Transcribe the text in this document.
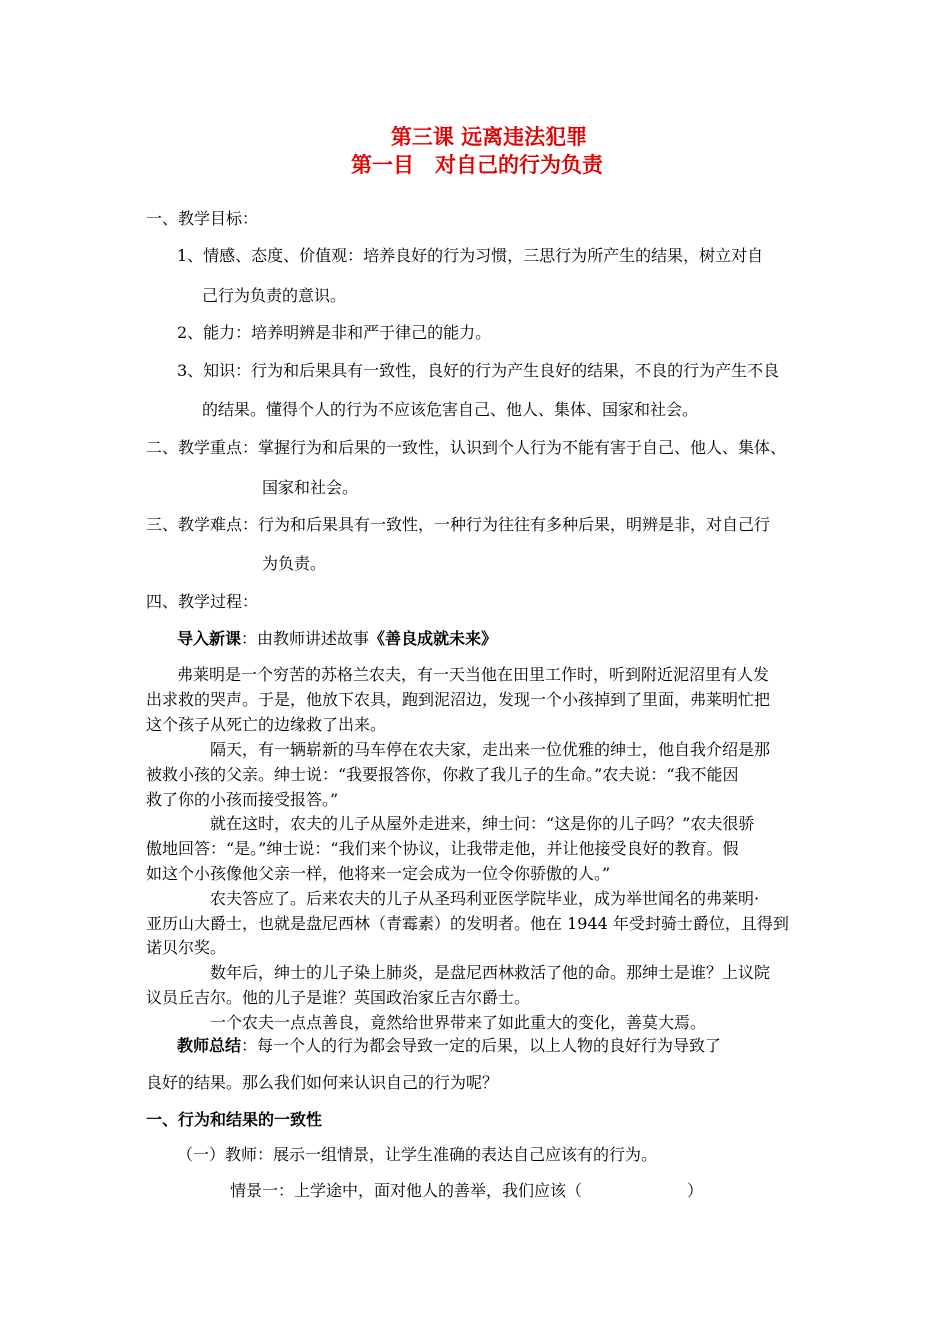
第三课 远离违法犯罪
第一目　对自己的行为负责
一、教学目标：
1、情感、态度、价值观：培养良好的行为习惯，三思行为所产生的结果，树立对自
己行为负责的意识。
2、能力：培养明辨是非和严于律己的能力。
3、知识：行为和后果具有一致性，良好的行为产生良好的结果，不良的行为产生不良
的结果。懂得个人的行为不应该危害自己、他人、集体、国家和社会。
二、教学重点：掌握行为和后果的一致性，认识到个人行为不能有害于自己、他人、集体、
国家和社会。
三、教学难点：行为和后果具有一致性，一种行为往往有多种后果，明辨是非，对自己行
为负责。
四、教学过程：
导入新课：由教师讲述故事《善良成就未来》
弗莱明是一个穷苦的苏格兰农夫，有一天当他在田里工作时，听到附近泥沼里有人发
出求救的哭声。于是，他放下农具，跑到泥沼边，发现一个小孩掉到了里面，弗莱明忙把
这个孩子从死亡的边缘救了出来。
隔天，有一辆崭新的马车停在农夫家，走出来一位优雅的绅士，他自我介绍是那
被救小孩的父亲。绅士说：“我要报答你，你救了我儿子的生命。”农夫说：“我不能因
救了你的小孩而接受报答。”
就在这时，农夫的儿子从屋外走进来，绅士问：“这是你的儿子吗？”农夫很骄
傲地回答：“是。”绅士说：“我们来个协议，让我带走他，并让他接受良好的教育。假
如这个小孩像他父亲一样，他将来一定会成为一位令你骄傲的人。”
农夫答应了。后来农夫的儿子从圣玛利亚医学院毕业，成为举世闻名的弗莱明·
亚历山大爵士，也就是盘尼西林（青霉素）的发明者。他在 1944 年受封骑士爵位，且得到
诺贝尔奖。
数年后，绅士的儿子染上肺炎，是盘尼西林救活了他的命。那绅士是谁？上议院
议员丘吉尔。他的儿子是谁？英国政治家丘吉尔爵士。
一个农夫一点点善良，竟然给世界带来了如此重大的变化，善莫大焉。
教师总结：每一个人的行为都会导致一定的后果，以上人物的良好行为导致了
良好的结果。那么我们如何来认识自己的行为呢？
一、行为和结果的一致性
（一）教师：展示一组情景，让学生准确的表达自己应该有的行为。
情景一：上学途中，面对他人的善举，我们应该（	）
